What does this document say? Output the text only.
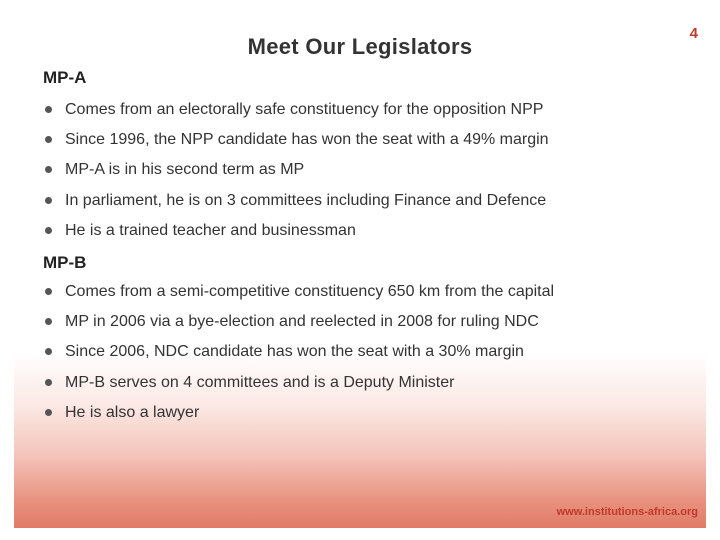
Meet Our Legislators
4
MP-A
Comes from an electorally safe constituency for the opposition NPP
Since 1996, the NPP candidate has won the seat with a 49% margin
MP-A is in his second term as MP
In parliament, he is on 3 committees including Finance and Defence
He is a trained teacher and businessman
MP-B
Comes from a semi-competitive constituency 650 km from the capital
MP in 2006 via a bye-election and reelected in 2008 for ruling NDC
Since 2006, NDC candidate has won the seat with a 30% margin
MP-B serves on 4 committees and is a Deputy Minister
He is also a lawyer
www.institutions-africa.org
